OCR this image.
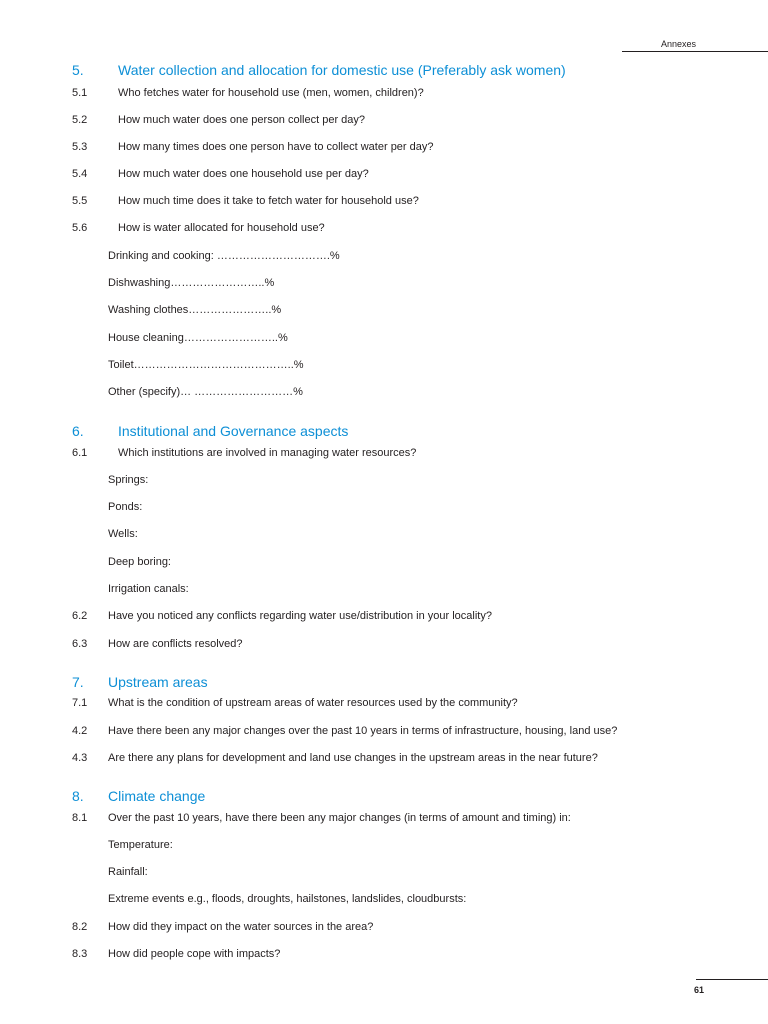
Annexes
5. Water collection and allocation for domestic use (Preferably ask women)
5.1	Who fetches water for household use (men, women, children)?
5.2	How much water does one person collect per day?
5.3	How many times does one person have to collect water per day?
5.4	How much water does one household use per day?
5.5	How much time does it take to fetch water for household use?
5.6	How is water allocated for household use?
Drinking and cooking: ………………………….%
Dishwashing……………………..%
Washing clothes…………………..%
House cleaning……………………..%
Toilet……………………………………..%
Other (specify)… ………………………%
6. Institutional and Governance aspects
6.1	Which institutions are involved in managing water resources?
Springs:
Ponds:
Wells:
Deep boring:
Irrigation canals:
6.2 Have you noticed any conflicts regarding water use/distribution in your locality?
6.3 How are conflicts resolved?
7. Upstream areas
7.1 What is the condition of upstream areas of water resources used by the community?
4.2 Have there been any major changes over the past 10 years in terms of infrastructure, housing, land use?
4.3 Are there any plans for development and land use changes in the upstream areas in the near future?
8. Climate change
8.1 Over the past 10 years, have there been any major changes (in terms of amount and timing) in:
Temperature:
Rainfall:
Extreme events e.g., floods, droughts, hailstones, landslides, cloudbursts:
8.2 How did they impact on the water sources in the area?
8.3 How did people cope with impacts?
61
